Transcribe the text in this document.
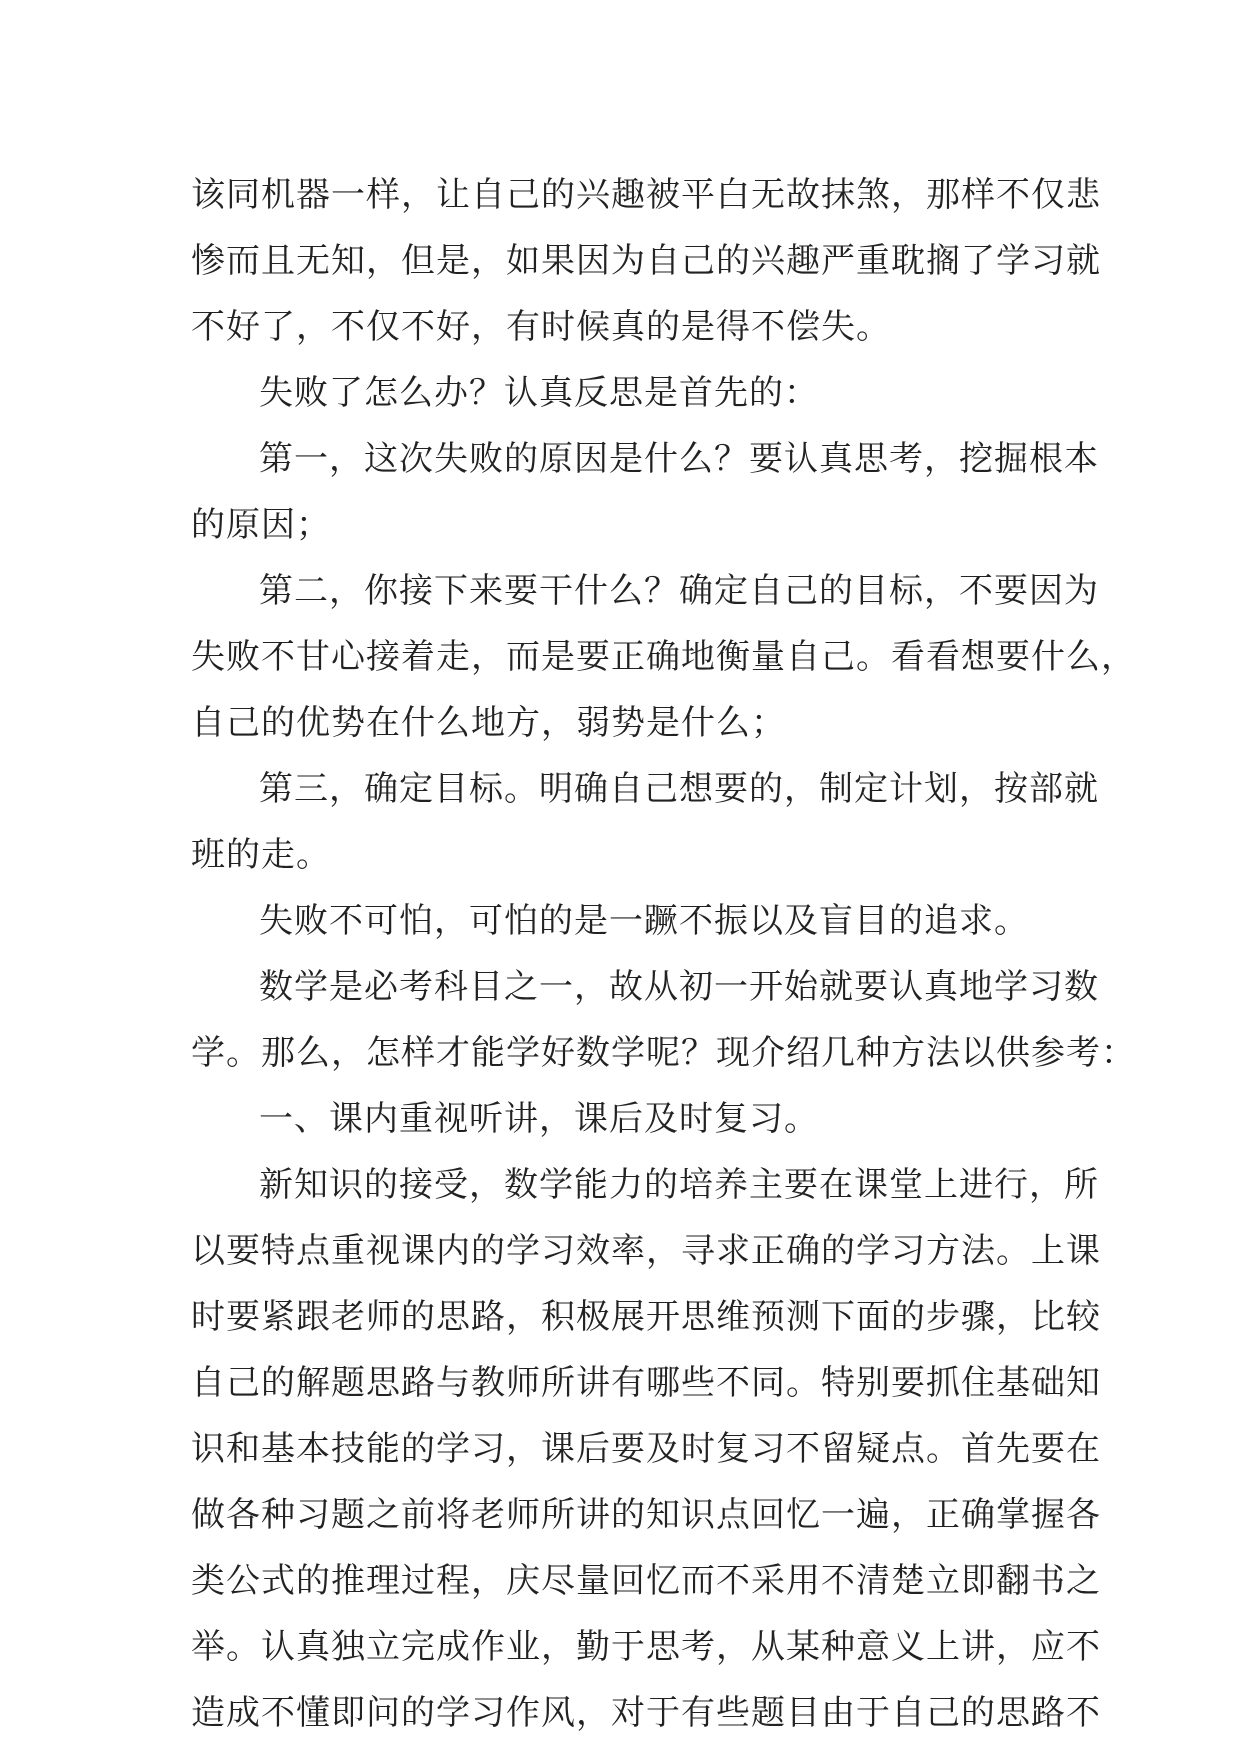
该同机器一样，让自己的兴趣被平白无故抹煞，那样不仅悲
惨而且无知，但是，如果因为自己的兴趣严重耽搁了学习就
不好了，不仅不好，有时候真的是得不偿失。
失败了怎么办？认真反思是首先的：
第一，这次失败的原因是什么？要认真思考，挖掘根本
的原因；
第二，你接下来要干什么？确定自己的目标，不要因为
失败不甘心接着走，而是要正确地衡量自己。看看想要什么，
自己的优势在什么地方，弱势是什么；
第三，确定目标。明确自己想要的，制定计划，按部就
班的走。
失败不可怕，可怕的是一蹶不振以及盲目的追求。
数学是必考科目之一，故从初一开始就要认真地学习数
学。那么，怎样才能学好数学呢？现介绍几种方法以供参考：
一、课内重视听讲，课后及时复习。
新知识的接受，数学能力的培养主要在课堂上进行，所
以要特点重视课内的学习效率，寻求正确的学习方法。上课
时要紧跟老师的思路，积极展开思维预测下面的步骤，比较
自己的解题思路与教师所讲有哪些不同。特别要抓住基础知
识和基本技能的学习，课后要及时复习不留疑点。首先要在
做各种习题之前将老师所讲的知识点回忆一遍，正确掌握各
类公式的推理过程，庆尽量回忆而不采用不清楚立即翻书之
举。认真独立完成作业，勤于思考，从某种意义上讲，应不
造成不懂即问的学习作风，对于有些题目由于自己的思路不
